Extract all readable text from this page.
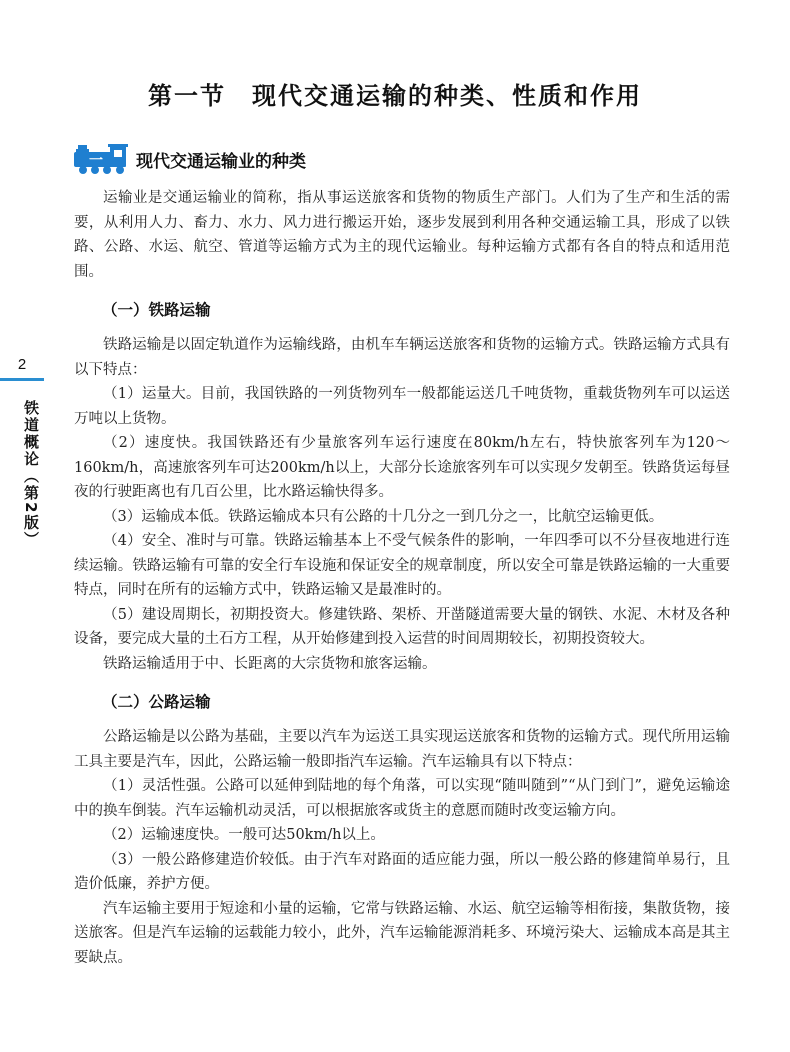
第一节　现代交通运输的种类、性质和作用
一 现代交通运输业的种类
2
铁道概论（第2版）

运输业是交通运输业的简称，指从事运送旅客和货物的物质生产部门。人们为了生产和生活的需要，从利用人力、畜力、水力、风力进行搬运开始，逐步发展到利用各种交通运输工具，形成了以铁路、公路、水运、航空、管道等运输方式为主的现代运输业。每种运输方式都有各自的特点和适用范围。

（一）铁路运输

铁路运输是以固定轨道作为运输线路，由机车车辆运送旅客和货物的运输方式。铁路运输方式具有以下特点：

（1）运量大。目前，我国铁路的一列货物列车一般都能运送几千吨货物，重载货物列车可以运送万吨以上货物。

（2）速度快。我国铁路还有少量旅客列车运行速度在80km/h左右，特快旅客列车为120～160km/h，高速旅客列车可达200km/h以上，大部分长途旅客列车可以实现夕发朝至。铁路货运每昼夜的行驶距离也有几百公里，比水路运输快得多。

（3）运输成本低。铁路运输成本只有公路的十几分之一到几分之一，比航空运输更低。

（4）安全、准时与可靠。铁路运输基本上不受气候条件的影响，一年四季可以不分昼夜地进行连续运输。铁路运输有可靠的安全行车设施和保证安全的规章制度，所以安全可靠是铁路运输的一大重要特点，同时在所有的运输方式中，铁路运输又是最准时的。

（5）建设周期长，初期投资大。修建铁路、架桥、开凿隧道需要大量的钢铁、水泥、木材及各种设备，要完成大量的土石方工程，从开始修建到投入运营的时间周期较长，初期投资较大。

铁路运输适用于中、长距离的大宗货物和旅客运输。

（二）公路运输

公路运输是以公路为基础，主要以汽车为运送工具实现运送旅客和货物的运输方式。现代所用运输工具主要是汽车，因此，公路运输一般即指汽车运输。汽车运输具有以下特点：

（1）灵活性强。公路可以延伸到陆地的每个角落，可以实现“随叫随到”“从门到门”，避免运输途中的换车倒装。汽车运输机动灵活，可以根据旅客或货主的意愿而随时改变运输方向。

（2）运输速度快。一般可达50km/h以上。

（3）一般公路修建造价较低。由于汽车对路面的适应能力强，所以一般公路的修建简单易行，且造价低廉，养护方便。

汽车运输主要用于短途和小量的运输，它常与铁路运输、水运、航空运输等相衔接，集散货物，接送旅客。但是汽车运输的运载能力较小，此外，汽车运输能源消耗多、环境污染大、运输成本高是其主要缺点。
